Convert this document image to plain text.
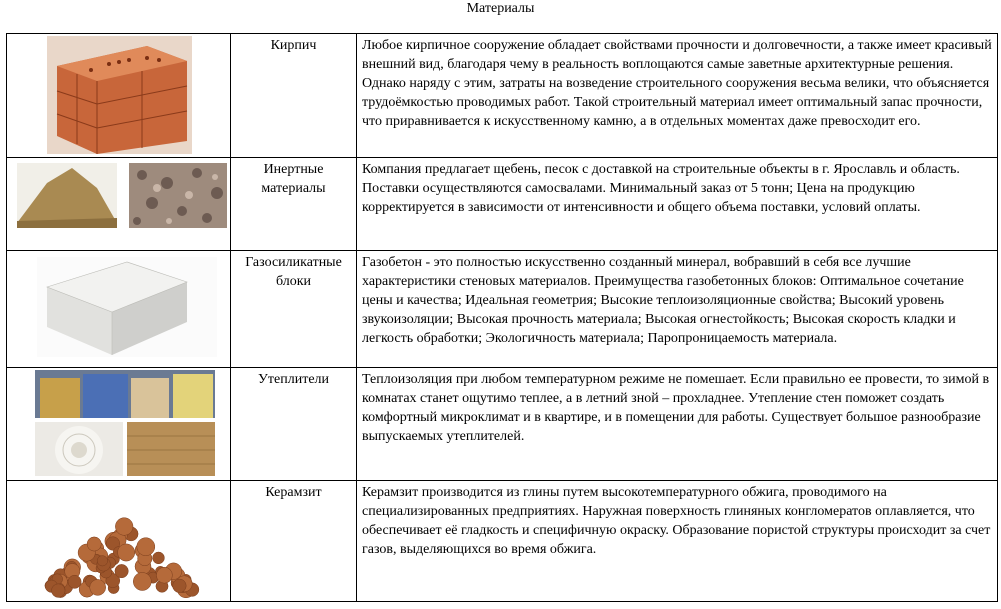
Материалы
	Кирпич	Любое кирпичное сооружение обладает свойствами прочности и долговечности, а также имеет красивый внешний вид, благодаря чему в реальность воплощаются самые заветные архитектурные решения. Однако наряду с этим, затраты на возведение строительного сооружения весьма велики, что объясняется трудоёмкостью проводимых работ. Такой строительный материал имеет оптимальный запас прочности, что приравнивается к искусственному камню, а в отдельных моментах даже превосходит его.

	Инертные материалы	Компания предлагает щебень, песок с доставкой на строительные объекты в г. Ярославль и область. Поставки осуществляются самосвалами. Минимальный заказ от 5 тонн; Цена на продукцию корректируется в зависимости от интенсивности и общего объема поставки, условий оплаты.

	Газосиликатные блоки	Газобетон - это полностью искусственно созданный минерал, вобравший в себя все лучшие характеристики стеновых материалов. Преимущества газобетонных блоков: Оптимальное сочетание цены и качества; Идеальная геометрия; Высокие теплоизоляционные свойства; Высокий уровень звукоизоляции; Высокая прочность материала; Высокая огнестойкость; Высокая скорость кладки и легкость обработки; Экологичность материала; Паропроницаемость материала.

	Утеплители	Теплоизоляция при любом температурном режиме не помешает. Если правильно ее провести, то зимой в комнатах станет ощутимо теплее, а в летний зной – прохладнее. Утепление стен поможет создать комфортный микроклимат и в квартире, и в помещении для работы. Существует большое разнообразие выпускаемых утеплителей.

	Керамзит	Керамзит производится из глины путем высокотемпературного обжига, проводимого на специализированных предприятиях. Наружная поверхность глиняных конгломератов оплавляется, что обеспечивает её гладкость и специфичную окраску. Образование пористой структуры происходит за счет газов, выделяющихся во время обжига.
